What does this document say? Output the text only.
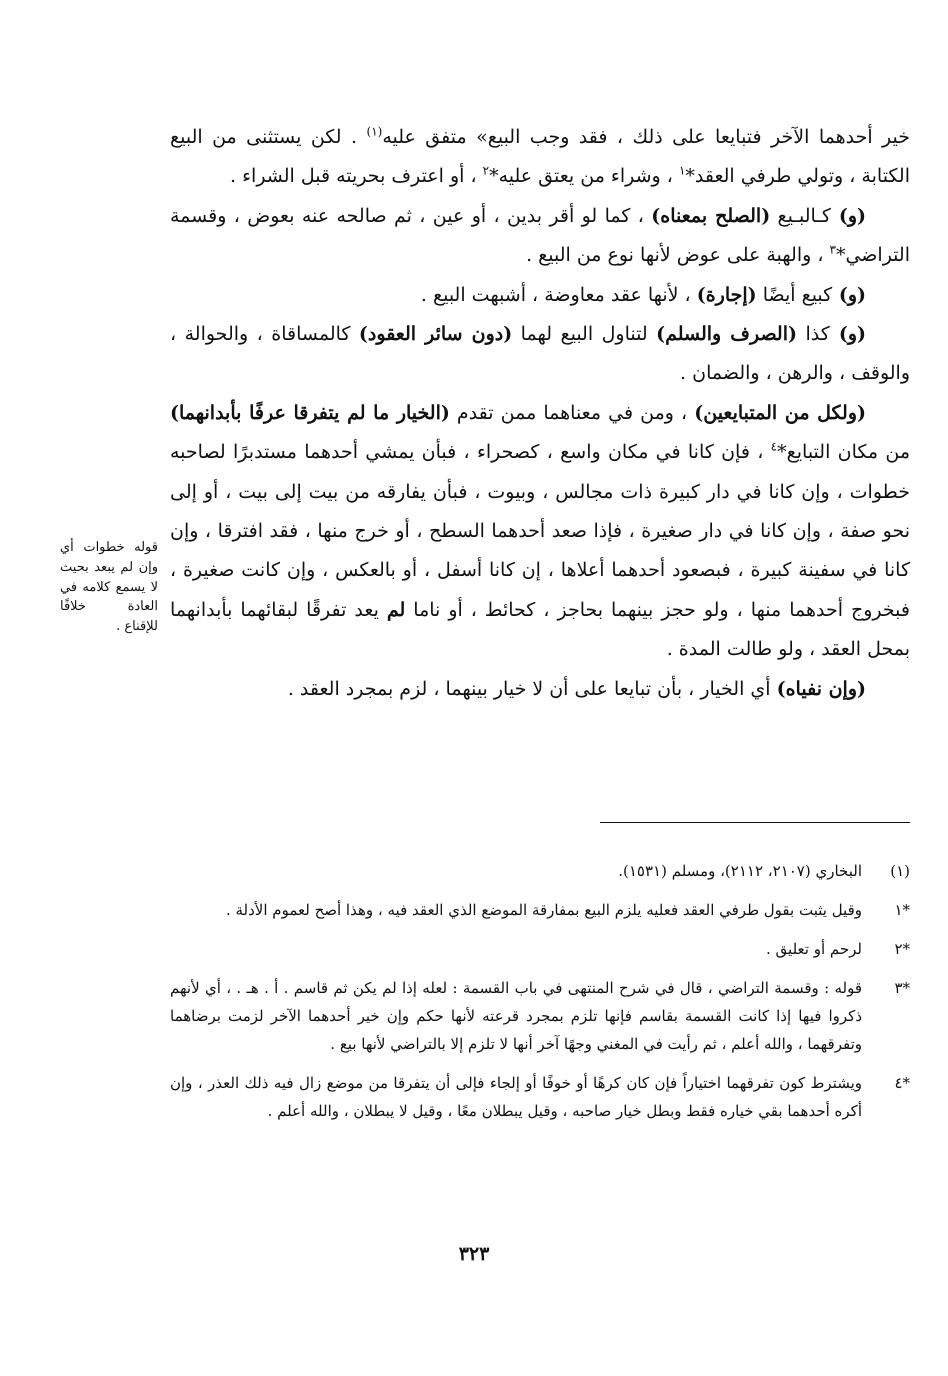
خير أحدهما الآخر فتبايعا على ذلك ، فقد وجب البيع» متفق عليه$^{(١)}$ . لكن يستثنى من البيع الكتابة ، وتولي طرفي العقد*$^١$ ، وشراء من يعتق عليه*$^٢$ ، أو اعترف بحريته قبل الشراء .

(و) كـالبـيع (الصلح بمعناه) ، كما لو أقر بدين ، أو عين ، ثم صالحه عنه بعوض ، وقسمة التراضي*$^٣$ ، والهبة على عوض لأنها نوع من البيع .

(و) كبيع أيضًا (إجارة) ، لأنها عقد معاوضة ، أشبهت البيع .

(و) كذا (الصرف والسلم) لتناول البيع لهما (دون سائر العقود) كالمساقاة ، والحوالة ، والوقف ، والرهن ، والضمان .

(ولكل من المتبايعين) ، ومن في معناهما ممن تقدم (الخيار ما لم يتفرقا عرفًا بأبدانهما) من مكان التبايع*$^٤$ ، فإن كانا في مكان واسع ، كصحراء ، فبأن يمشي أحدهما مستدبرًا لصاحبه خطوات ، وإن كانا في دار كبيرة ذات مجالس ، وبيوت ، فبأن يفارقه من بيت إلى بيت ، أو إلى نحو صفة ، وإن كانا في دار صغيرة ، فإذا صعد أحدهما السطح ، أو خرج منها ، فقد افترقا ، وإن كانا في سفينة كبيرة ، فبصعود أحدهما أعلاها ، إن كانا أسفل ، أو بالعكس ، وإن كانت صغيرة ، فبخروج أحدهما منها ، ولو حجز بينهما بحاجز ، كحائط ، أو ناما لم يعد تفرقًا لبقائهما بأبدانهما بمحل العقد ، ولو طالت المدة .

(وإن نفياه) أي الخيار ، بأن تبايعا على أن لا خيار بينهما ، لزم بمجرد العقد .

قوله خطوات أي وإن لم يبعد بحيث لا يسمع كلامه في العادة خلافًا للإقناع .
(١)
البخاري (٢١٠٧، ٢١١٢)، ومسلم (١٥٣١).
*١
وقيل يثبت بقول طرفي العقد فعليه يلزم البيع بمفارقة الموضع الذي العقد فيه ، وهذا أصح لعموم الأدلة .
*٢
لرحم أو تعليق .
*٣
قوله : وقسمة التراضي ، قال في شرح المنتهى في باب القسمة : لعله إذا لم يكن ثم قاسم . أ . هـ . ، أي لأنهم ذكروا فيها إذا كانت القسمة بقاسم فإنها تلزم بمجرد قرعته لأنها حكم وإن خير أحدهما الآخر لزمت برضاهما وتفرقهما ، والله أعلم ، ثم رأيت في المغني وجهًا آخر أنها لا تلزم إلا بالتراضي لأنها بيع .
*٤
ويشترط كون تفرقهما اختياراً فإن كان كرهًا أو خوفًا أو إلجاء فإلى أن يتفرقا من موضع زال فيه ذلك العذر ، وإن أكره أحدهما بقي خياره فقط وبطل خيار صاحبه ، وقيل يبطلان معًا ، وقيل لا يبطلان ، والله أعلم .
٣٢٣
